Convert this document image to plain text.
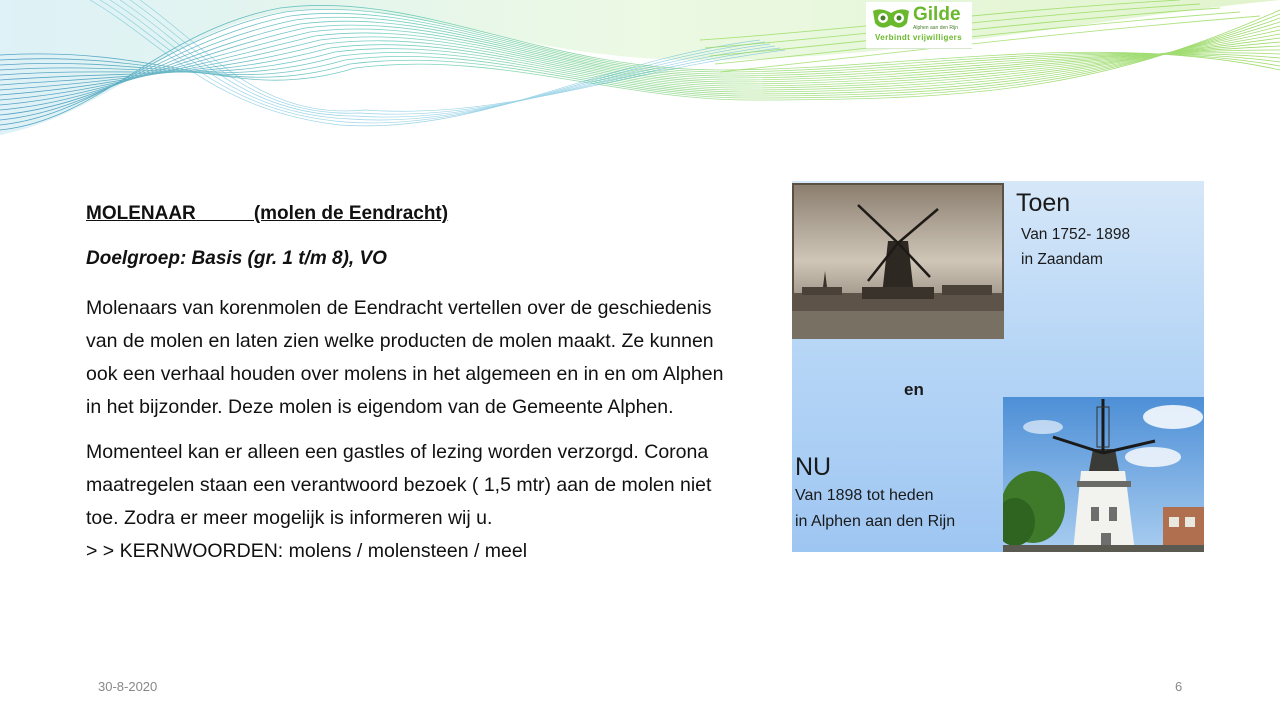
Gilde
Alphen aan den Rijn
Verbindt vrijwilligers

MOLENAAR           (molen de Eendracht)

Doelgroep: Basis (gr. 1 t/m 8), VO

Molenaars van korenmolen de Eendracht vertellen over de geschiedenis van de molen en laten zien welke producten de molen maakt. Ze kunnen ook een verhaal houden over molens in het algemeen en in en om Alphen in het bijzonder. Deze molen is eigendom van de Gemeente Alphen.

Momenteel kan er alleen een gastles of lezing worden verzorgd. Corona maatregelen staan een verantwoord bezoek ( 1,5 mtr) aan de molen niet toe. Zodra er meer mogelijk is informeren wij u.

> > KERNWOORDEN: molens / molensteen / meel

Toen
Van 1752- 1898
in Zaandam
en
NU
Van 1898 tot heden
in Alphen aan den Rijn
30-8-2020	6
